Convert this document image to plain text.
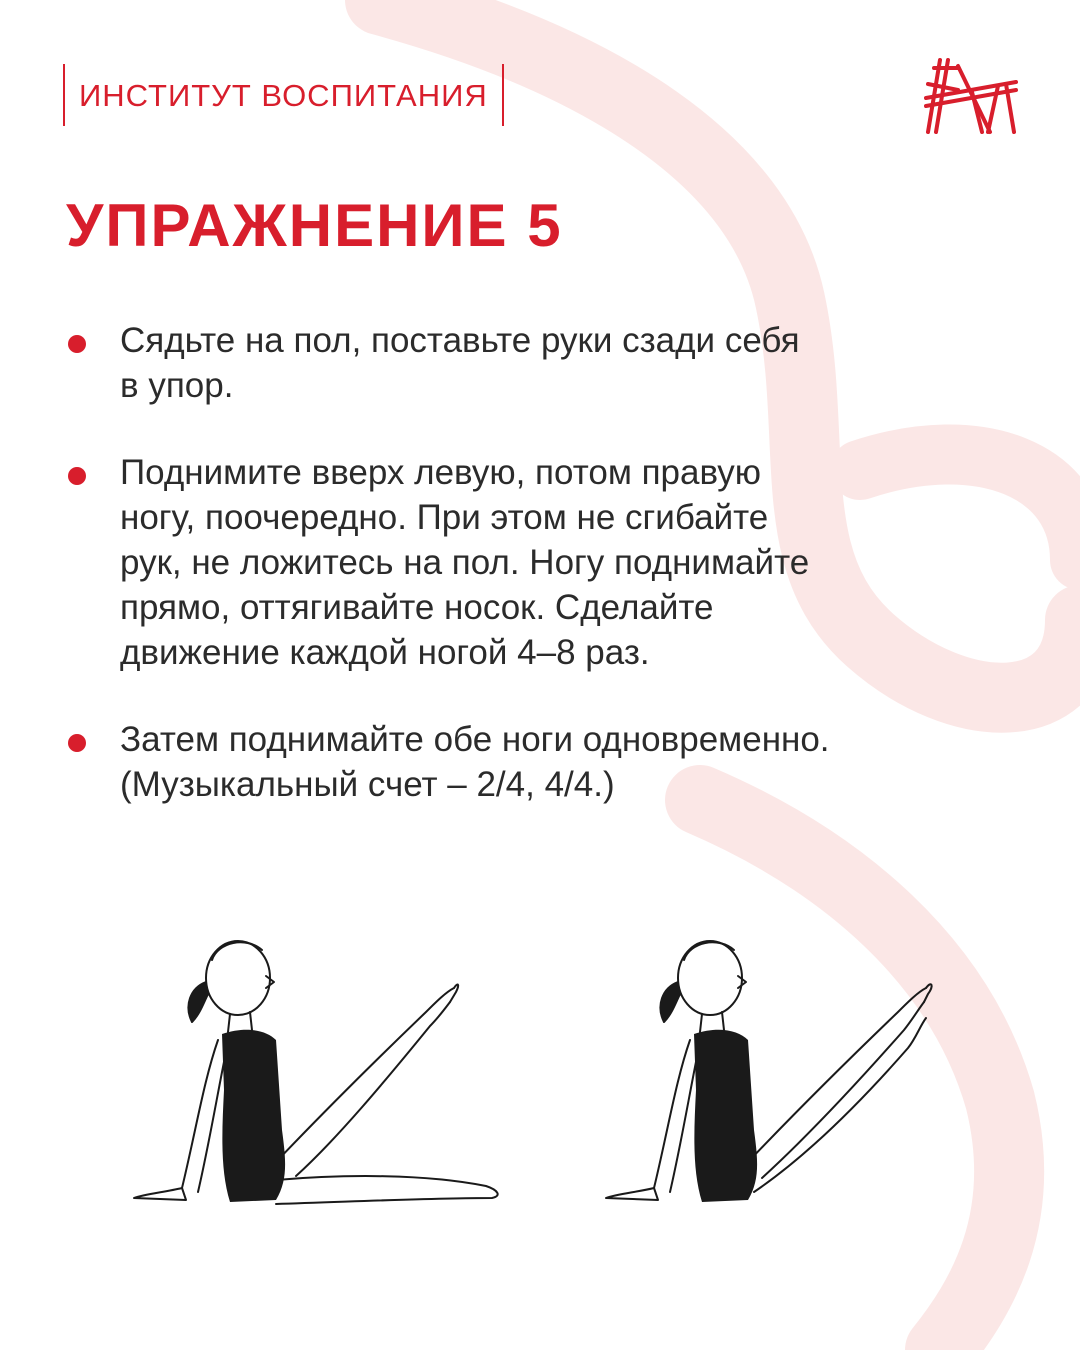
ИНСТИТУТ ВОСПИТАНИЯ
УПРАЖНЕНИЕ 5
Сядьте на пол, поставьте руки сзади себя
в упор.
Поднимите вверх левую, потом правую
ногу, поочередно. При этом не сгибайте
рук, не ложитесь на пол. Ногу поднимайте
прямо, оттягивайте носок. Сделайте
движение каждой ногой 4–8 раз.
Затем поднимайте обе ноги одновременно.
(Музыкальный счет – 2/4, 4/4.)
